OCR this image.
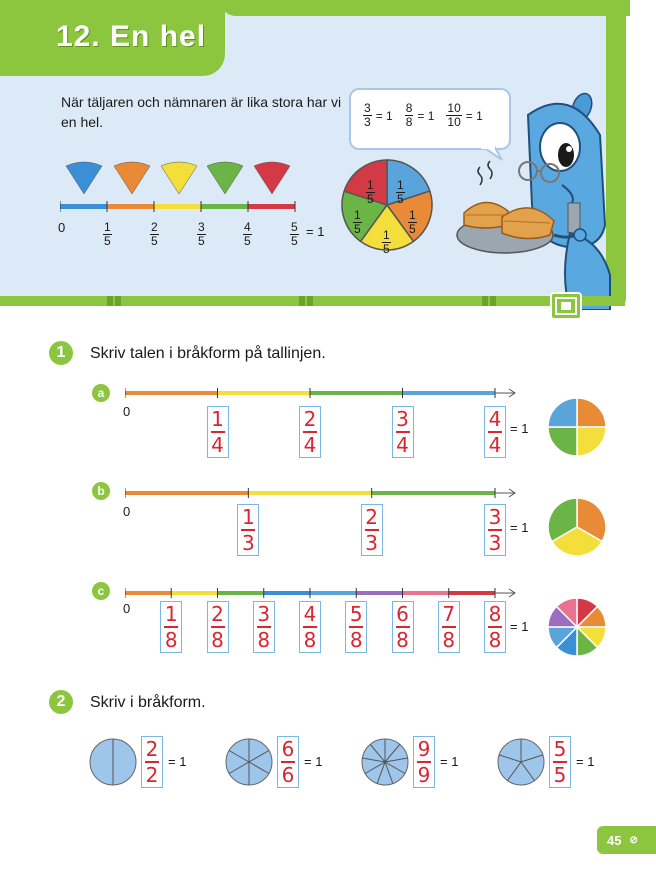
12. En hel
När täljaren och nämnaren är lika stora har vi en hel.	$\frac{3}{3} = 1 \frac{8}{8} = 1 \frac{10}{10} = 1$
0	$\frac{1}{5}$	$\frac{2}{5}$	$\frac{3}{5}$	$\frac{4}{5}$	$\frac{5}{5} = 1$
$\frac{1}{5} \frac{1}{5}$
$\frac{1}{5}$
$\frac{1}{5}$
$\frac{1}{5}$
1	Skriv talen i bråkform på tallinjen.
a
0	1
4
2
4
3
4
4
4
= 1
b
0	1
3
2
3
3
3
= 1
c
0 1
8
2
8
3
8
4
8
5
8
6
8
7
8
8
8
= 1
2	Skriv i bråkform.
2
2
= 1
6
6
= 1
9
9
= 1
5
5
= 1
45 ⊘
